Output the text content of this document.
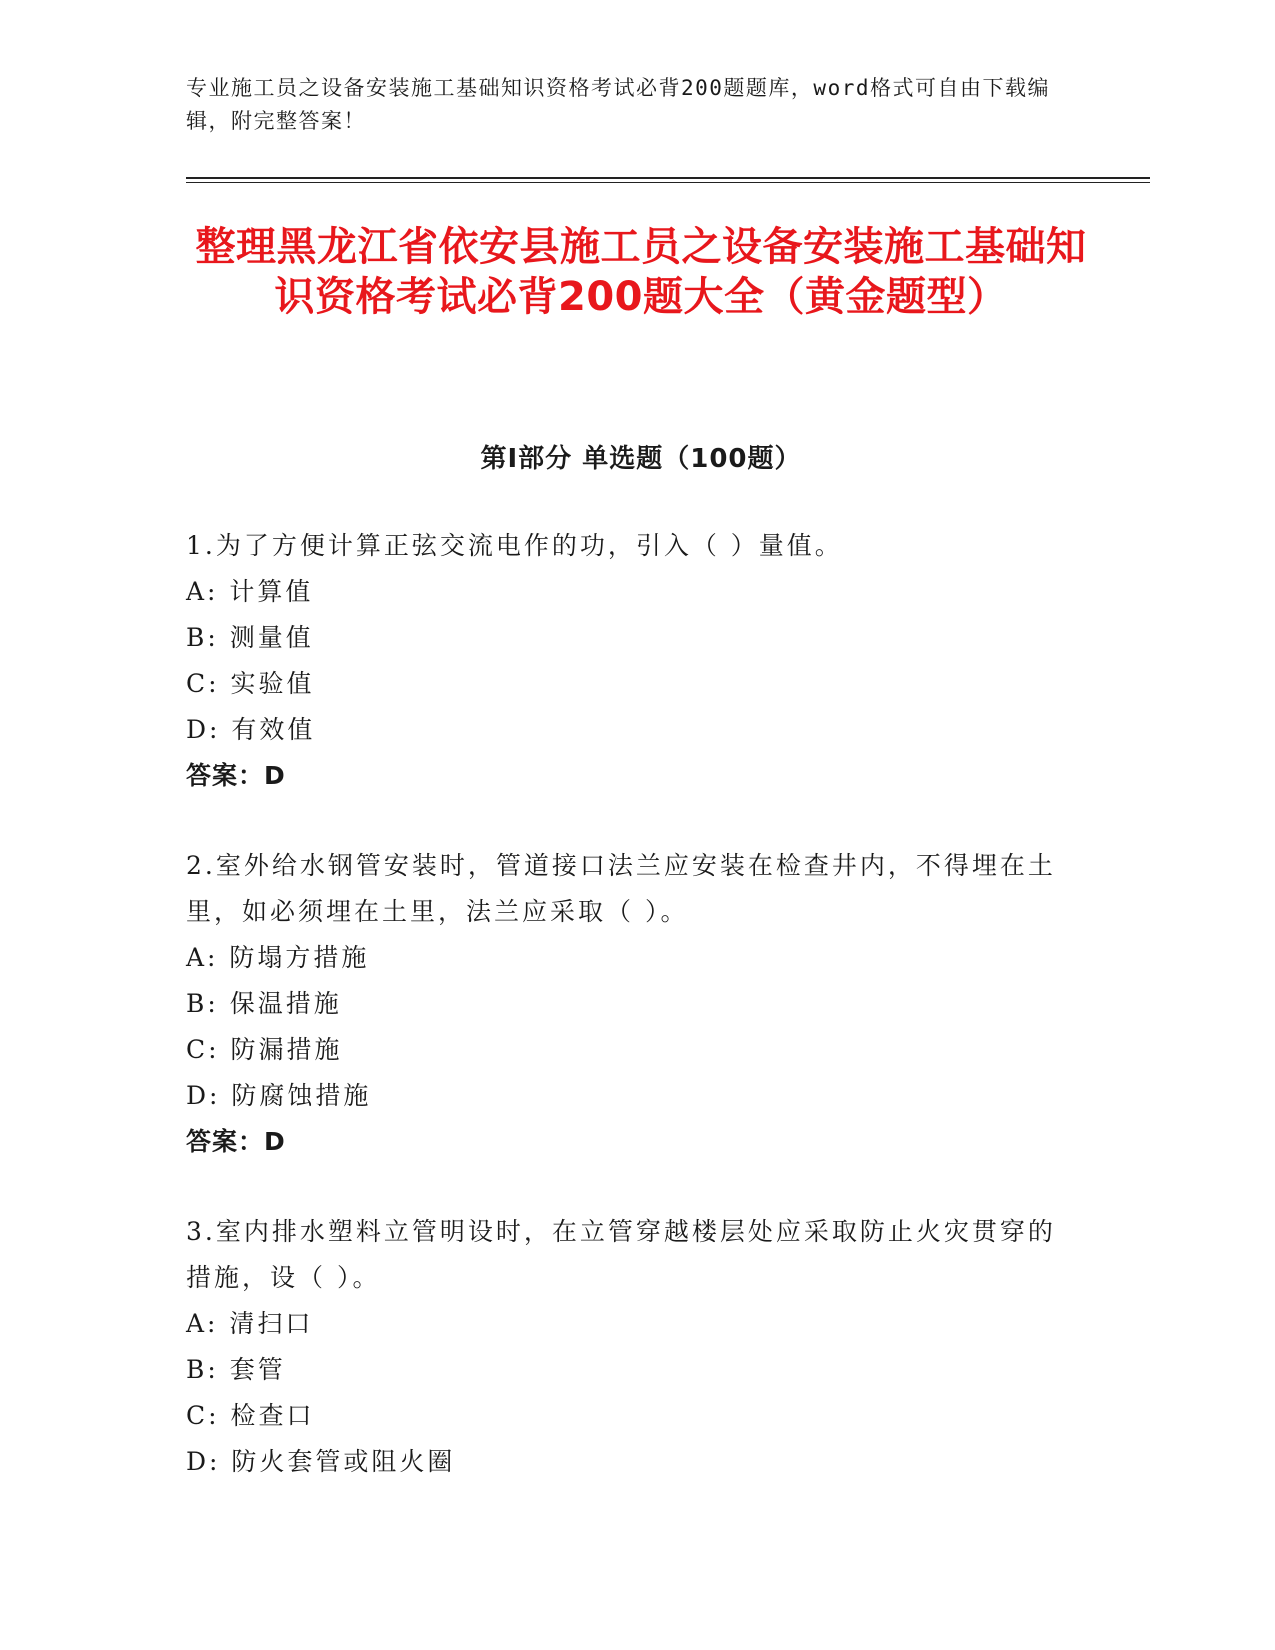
专业施工员之设备安装施工基础知识资格考试必背200题题库，word格式可自由下载编辑，附完整答案！
整理黑龙江省依安县施工员之设备安装施工基础知识资格考试必背200题大全（黄金题型）
第Ⅰ部分 单选题（100题）

1.为了方便计算正弦交流电作的功，引入（ ）量值。

A: 计算值

B: 测量值

C: 实验值

D: 有效值

答案：D

2.室外给水钢管安装时，管道接口法兰应安装在检查井内，不得埋在土里，如必须埋在土里，法兰应采取（ ）。

A: 防塌方措施

B: 保温措施

C: 防漏措施

D: 防腐蚀措施

答案：D

3.室内排水塑料立管明设时，在立管穿越楼层处应采取防止火灾贯穿的措施，设（ ）。

A: 清扫口

B: 套管

C: 检查口

D: 防火套管或阻火圈
